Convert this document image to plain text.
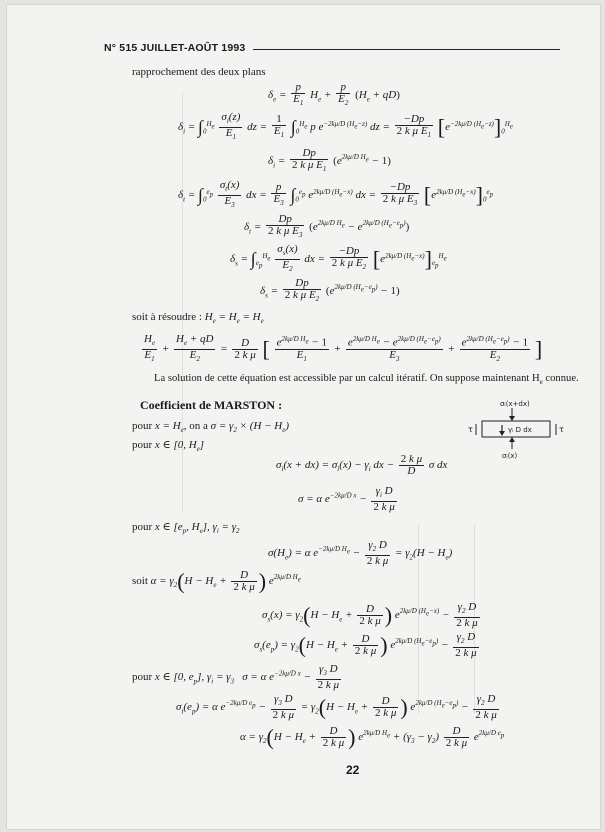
N° 515 JUILLET-AOÛT 1993
rapprochement des deux plans
$\delta_e = \frac{p}{E_1} H_e + \frac{p}{E_2} (H_e + qD)$
$\delta_i = \int_0^{H_e} \frac{\sigma_i(z)}{E_1}$ dz = $\frac{1}{E_1} \int_0^{H_e}$ p $e^{-2k\mu/D (H_e-z)}$ dz = $\frac{-Dp}{2 k \mu E_1} [e^{-2k\mu/D (H_e-z)}]_0^{H_e}$
$\delta_i = \frac{Dp}{2 k \mu E_1} (e^{2k\mu/D H_e} - 1)$
$\delta_t = \int_0^{e_p} \frac{\sigma_t(x)}{E_3}$ dx = $\frac{p}{E_3} \int_0^{e_p}$ $e^{2k\mu/D (H_e-x)}$ dx = $\frac{-Dp}{2 k \mu E_3} [e^{2k\mu/D (H_e-x)}]_0^{e_p}$
$\delta_t = \frac{Dp}{2 k \mu E_3} (e^{2k\mu/D H_e} - e^{2k\mu/D (H_e-e_p)})$
$\delta_s = \int_{e_p}^{H_e} \frac{\sigma_s(x)}{E_2}$ dx = $\frac{-Dp}{2 k \mu E_2} [e^{2k\mu/D (H_e-x)}]_{e_p}^{H_e}$
$\delta_s = \frac{Dp}{2 k \mu E_2} (e^{2k\mu/D (H_e-e_p)} - 1)$
soit à résoudre : $H_e = H_e = H_e$
$\frac{H_e}{E_1} + \frac{H_e + qD}{E_2} = \frac{D}{\text{2 k μ}}$ [ $\frac{e^{2k\mu/D H_e} - 1}{E_1} + \frac{e^{2k\mu/D H_e} - e^{2k\mu/D (H_e-e_p)}}{E_3} + \frac{e^{2k\mu/D (H_e-e_p)} - 1}{E_2}$ ]
La solution de cette équation est accessible par un calcul itératif. On suppose maintenant $H_e$ connue.
Coefficient de MARSTON :	σᵢ(x+dx)
γᵢ D dx
σᵢ(x)
τ	τ
pour $x = H_e$, on a $\sigma = \gamma_2 \times (H - H_e)$
pour x ∈ [0, $H_e$]
$\sigma_i(x + dx) = \sigma_i(x) - \gamma_i$ dx − $\frac{\text{2 k μ}}{D}$ σ dx
σ = α $e^{-2k\mu/D x} - \frac{\gamma_i D}{\text{2 k μ}}$
pour x ∈ [$e_p$, $H_e$], $\gamma_i = \gamma_2$
$\sigma(H_e) = \alpha$ $e^{-2k\mu/D H_e} - \frac{\gamma_2 D}{\text{2 k μ}} = \gamma_2(H - H_e)$
soit $\alpha = \gamma_2(H - H_e + \frac{D}{\text{2 k μ}}$ ) $e^{2k\mu/D H_e}$
$\sigma_s(x) = \gamma_2(H - H_e + \frac{D}{\text{2 k μ}}$ ) $e^{2k\mu/D (H_e-x)} - \frac{\gamma_2 D}{\text{2 k μ}}$
$\sigma_s(e_p) = \gamma_2(H - H_e + \frac{D}{\text{2 k μ}}$ ) $e^{2k\mu/D (H_e-e_p)} - \frac{\gamma_2 D}{\text{2 k μ}}$
pour x ∈ [0, $e_p$], $\gamma_i = \gamma_3$   σ = α $e^{-2k\mu/D x} - \frac{\gamma_3 D}{\text{2 k μ}}$
$\sigma_t(e_p) = \alpha$ $e^{-2k\mu/D e_p} - \frac{\gamma_3 D}{\text{2 k μ}} = \gamma_2(H - H_e + \frac{D}{\text{2 k μ}}$ ) $e^{2k\mu/D (H_e-e_p)} - \frac{\gamma_2 D}{\text{2 k μ}}$
$\alpha = \gamma_2(H - H_e + \frac{D}{\text{2 k μ}}$ ) $e^{2k\mu/D H_e} + (\gamma_3 - \gamma_2) \frac{D}{\text{2 k μ}} e^{2k\mu/D e_p}$
22
